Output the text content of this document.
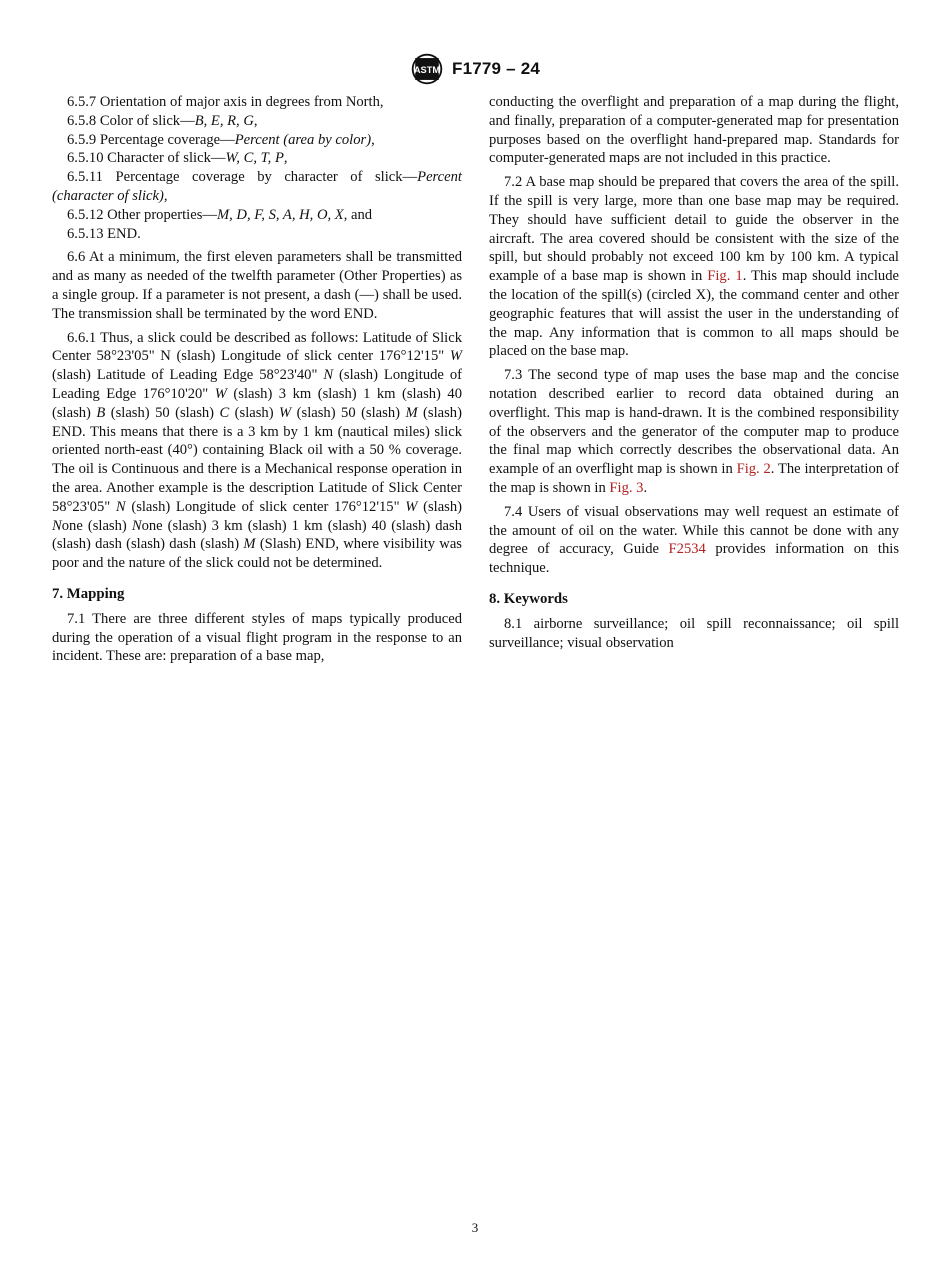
ASTM F1779 – 24
6.5.7 Orientation of major axis in degrees from North,
6.5.8 Color of slick—B, E, R, G,
6.5.9 Percentage coverage—Percent (area by color),
6.5.10 Character of slick—W, C, T, P,
6.5.11 Percentage coverage by character of slick—Percent (character of slick),
6.5.12 Other properties—M, D, F, S, A, H, O, X, and
6.5.13 END.

6.6 At a minimum, the first eleven parameters shall be transmitted and as many as needed of the twelfth parameter (Other Properties) as a single group. If a parameter is not present, a dash (—) shall be used. The transmission shall be terminated by the word END.

6.6.1 Thus, a slick could be described as follows: Latitude of Slick Center 58°23'05" N (slash) Longitude of slick center 176°12'15" W (slash) Latitude of Leading Edge 58°23'40" N (slash) Longitude of Leading Edge 176°10'20" W (slash) 3 km (slash) 1 km (slash) 40 (slash) B (slash) 50 (slash) C (slash) W (slash) 50 (slash) M (slash) END. This means that there is a 3 km by 1 km (nautical miles) slick oriented north-east (40°) containing Black oil with a 50 % coverage. The oil is Continuous and there is a Mechanical response operation in the area. Another example is the description Latitude of Slick Center 58°23'05" N (slash) Longitude of slick center 176°12'15" W (slash) None (slash) None (slash) 3 km (slash) 1 km (slash) 40 (slash) dash (slash) dash (slash) dash (slash) M (Slash) END, where visibility was poor and the nature of the slick could not be determined.

7. Mapping

7.1 There are three different styles of maps typically produced during the operation of a visual flight program in the response to an incident. These are: preparation of a base map,

conducting the overflight and preparation of a map during the flight, and finally, preparation of a computer-generated map for presentation purposes based on the overflight hand-prepared map. Standards for computer-generated maps are not included in this practice.

7.2 A base map should be prepared that covers the area of the spill. If the spill is very large, more than one base map may be required. They should have sufficient detail to guide the observer in the aircraft. The area covered should be consistent with the size of the spill, but should probably not exceed 100 km by 100 km. A typical example of a base map is shown in Fig. 1. This map should include the location of the spill(s) (circled X), the command center and other geographic features that will assist the user in the understanding of the map. Any information that is common to all maps should be placed on the base map.

7.3 The second type of map uses the base map and the concise notation described earlier to record data obtained during an overflight. This map is hand-drawn. It is the combined responsibility of the observers and the generator of the computer map to produce the final map which correctly describes the observational data. An example of an overflight map is shown in Fig. 2. The interpretation of the map is shown in Fig. 3.

7.4 Users of visual observations may well request an estimate of the amount of oil on the water. While this cannot be done with any degree of accuracy, Guide F2534 provides information on this technique.

8. Keywords

8.1 airborne surveillance; oil spill reconnaissance; oil spill surveillance; visual observation

3
